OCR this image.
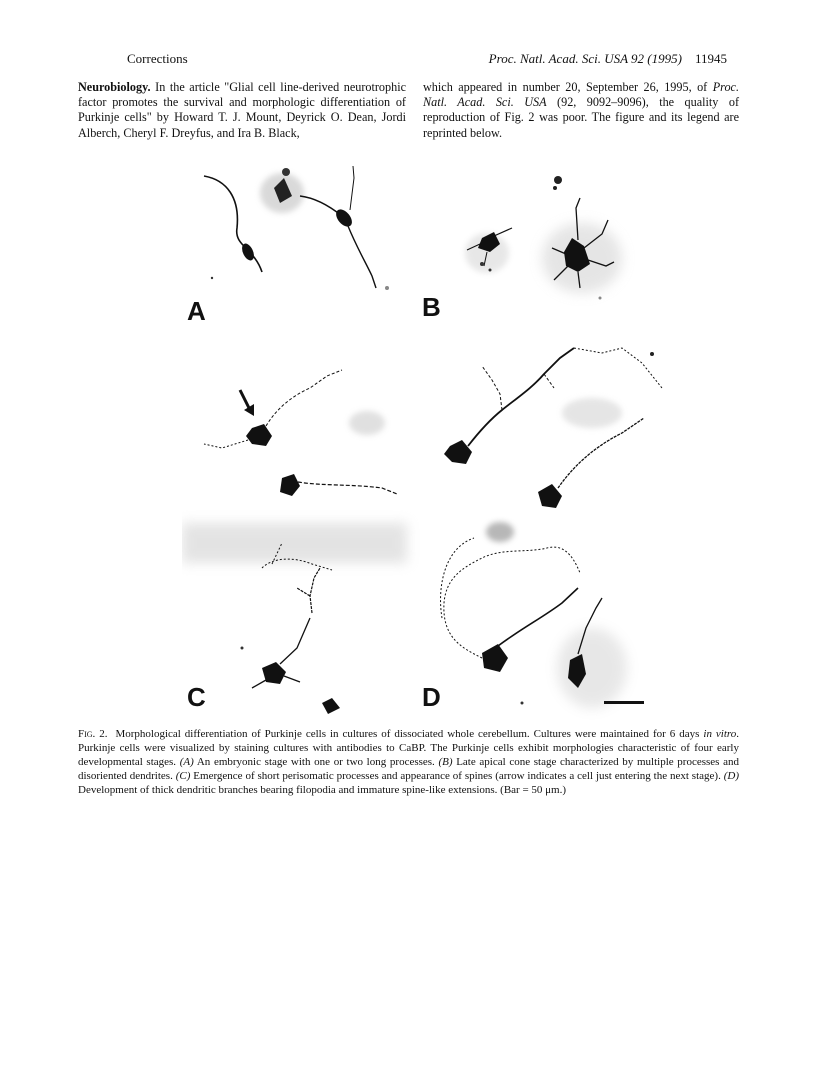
Corrections	Proc. Natl. Acad. Sci. USA 92 (1995) 11945
Neurobiology. In the article "Glial cell line-derived neurotrophic factor promotes the survival and morphologic differentiation of Purkinje cells" by Howard T. J. Mount, Deyrick O. Dean, Jordi Alberch, Cheryl F. Dreyfus, and Ira B. Black,
which appeared in number 20, September 26, 1995, of Proc. Natl. Acad. Sci. USA (92, 9092–9096), the quality of reproduction of Fig. 2 was poor. The figure and its legend are reprinted below.
A	B
C	D
Fig. 2. Morphological differentiation of Purkinje cells in cultures of dissociated whole cerebellum. Cultures were maintained for 6 days in vitro. Purkinje cells were visualized by staining cultures with antibodies to CaBP. The Purkinje cells exhibit morphologies characteristic of four early developmental stages. (A) An embryonic stage with one or two long processes. (B) Late apical cone stage characterized by multiple processes and disoriented dendrites. (C) Emergence of short perisomatic processes and appearance of spines (arrow indicates a cell just entering the next stage). (D) Development of thick dendritic branches bearing filopodia and immature spine-like extensions. (Bar = 50 μm.)
